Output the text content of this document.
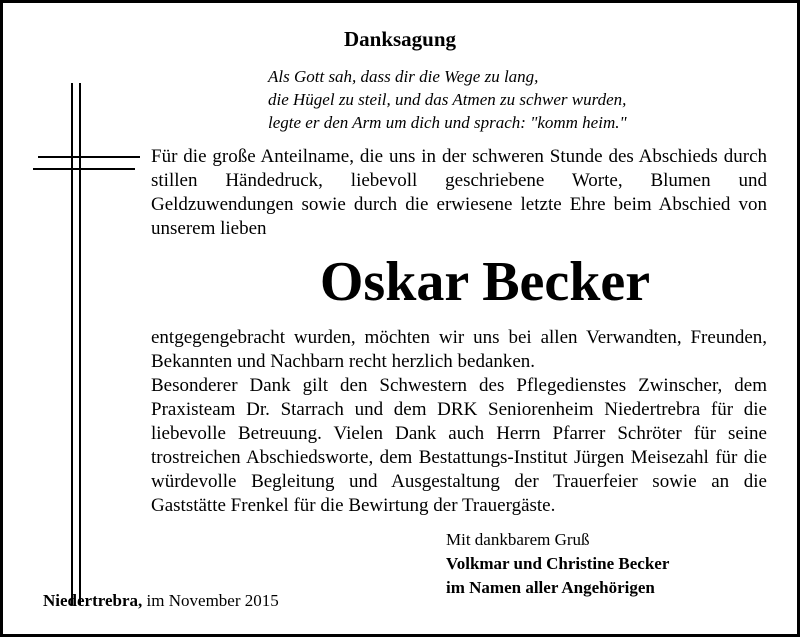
Danksagung
Als Gott sah, dass dir die Wege zu lang,
die Hügel zu steil, und das Atmen zu schwer wurden,
legte er den Arm um dich und sprach: "komm heim."
Für die große Anteilname, die uns in der schweren Stunde des Abschieds durch stillen Händedruck, liebevoll geschriebene Worte, Blumen und Geldzuwendungen sowie durch die erwiesene letzte Ehre beim Abschied von unserem lieben
Oskar Becker
entgegengebracht wurden, möchten wir uns bei allen Verwandten, Freunden, Bekannten und Nachbarn recht herzlich bedanken.
Besonderer Dank gilt den Schwestern des Pflegedienstes Zwinscher, dem Praxisteam Dr. Starrach und dem DRK Seniorenheim Niedertrebra für die liebevolle Betreuung. Vielen Dank auch Herrn Pfarrer Schröter für seine trostreichen Abschiedsworte, dem Bestattungs-Institut Jürgen Meisezahl für die würdevolle Begleitung und Ausgestaltung der Trauerfeier sowie an die Gaststätte Frenkel für die Bewirtung der Trauergäste.
Mit dankbarem Gruß
Volkmar und Christine Becker
im Namen aller Angehörigen
Niedertrebra, im November 2015
